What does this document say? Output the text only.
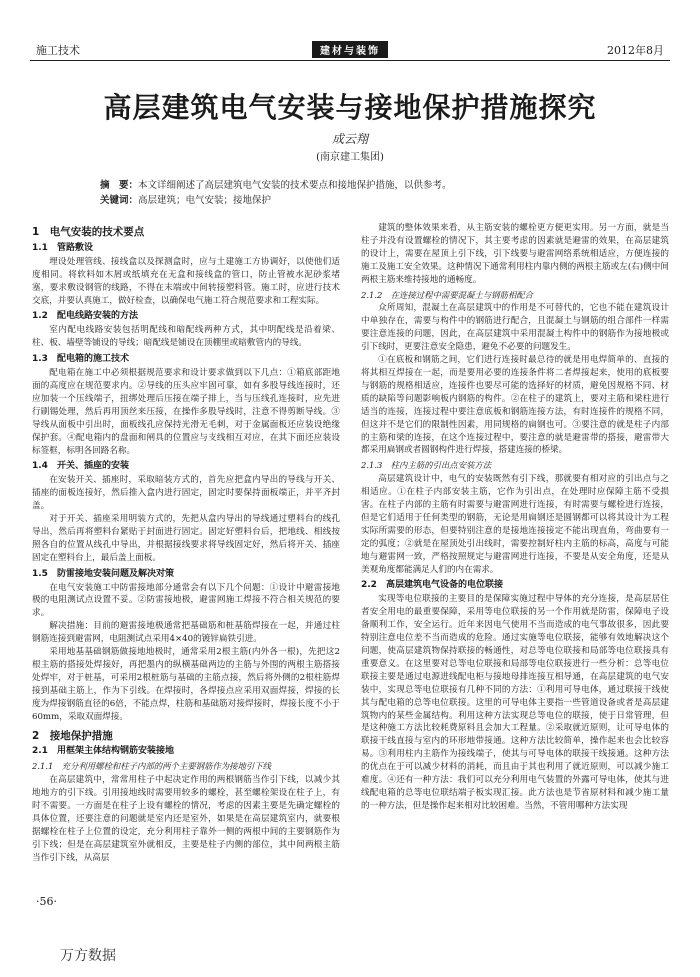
施工技术	建材与装饰	2012年8月
高层建筑电气安装与接地保护措施探究
成云翔
(南京建工集团)
摘　要：本文详细阐述了高层建筑电气安装的技术要点和接地保护措施，以供参考。
关键词：高层建筑；电气安装；接地保护
1　电气安装的技术要点
1.1　管路敷设

埋设处理管线、接线盒以及探测盒时，应与土建施工方协调好，以使他们适度相同。将软料如木屑或纸填充在无盒和接线盒的管口，防止管被水泥砂浆堵塞，要求敷设钢管的线路，不得在末端或中间转接塑料管。施工时，应进行技术交底，并要认真施工，做好检查，以确保电气施工符合规范要求和工程实际。

1.2　配电线路安装的方法

室内配电线路安装包括明配线和暗配线两种方式，其中明配线是沿着梁、柱、板、墙壁等铺设的导线；暗配线是铺设在顶棚里或暗敷管内的导线。

1.3　配电箱的施工技术

配电箱在施工中必须根据规范要求和设计要求做到以下几点：①箱底部距地面的高度应在规范要求内。②导线的压头应牢固可靠，如有多股导线连接时，还应加装一个压线端子，扭绑处理后压接在端子排上，当与压线孔连接时，应先进行刷锡处理，然后再用顶丝来压接，在操作多股导线时，注意不得剪断导线。③导线从面板中引出时，面板线孔应保持光滑无毛刺，对于金属面板还应装设绝缘保护套。④配电箱内的盘面和闸具的位置应与支线相互对应，在其下面还应装设标签框，标明各回路名称。

1.4　开关、插座的安装

在安装开关、插座时，采取暗装方式的，首先应把盒内导出的导线与开关、插座的面板连接好，然后推入盒内进行固定，固定时要保持面板端正，并平齐封盖。

对于开关、插座采用明装方式的，先把从盒内导出的导线通过塑料台的线孔导出，然后再将塑料台紧贴于封面进行固定。固定好塑料台后，把地线、相线按照各自的位置从线孔中导出，并根据接线要求将导线固定好，然后将开关、插座固定在塑料台上，最后盖上面板。

1.5　防雷接地安装问题及解决对策

在电气安装施工中防雷接地部分通常会有以下几个问题：①设计中避雷接地极的电阻测试点设置不妥。②防雷接地极，避雷网施工焊接不符合相关规范的要求。

解决措施：目前的避雷接地极通常把基础筋和桩基筋焊接在一起，并通过柱钢筋连接到避雷网，电阻测试点采用4×40的镀锌扁铁引进。

采用地基基础钢筋做接地地极时，通常采用2根主筋(内外各一根)，先把这2根主筋的搭接处焊接好，再把墨内的纵横基础两边的主筋与外围的两根主筋搭接处焊牢，对于桩基，可采用2根桩筋与基础的主筋点接，然后将外侧的2根柱筋焊接到基础主筋上，作为下引线。在焊接时，各焊接点应采用双面焊接，焊接的长度为焊接钢筋直径的6倍，不能点焊，柱筋和基础筋对接焊接时，焊接长度不小于60mm，采取双面焊接。

2　接地保护措施
2.1　用框架主体结构钢筋安装接地
2.1.1　充分利用螺栓和柱子内部的两个主要钢筋作为接地引下线

在高层建筑中，常常用柱子中起决定作用的两根钢筋当作引下线，以减少其地地方的引下线。引用接地线时需要用较多的螺栓，甚至螺栓架设在柱子上，有时不需要。一方面是在柱子上设有螺栓的情况，考虑的因素主要是先确定螺栓的具体位置，还要注意的问题就是室内还是室外，如果是在高层建筑室内，就要根据螺栓在柱子上位置的设定，充分利用柱子靠外一侧的两根中间的主要钢筋作为引下线；但是在高层建筑室外就相反，主要是柱子内侧的部位，其中间两根主筋当作引下线，从高层

建筑的整体效果来看，从主筋安装的螺栓更方便更实用。另一方面，就是当柱子并没有设置螺栓的情况下，其主要考虑的因素就是避雷的效果，在高层建筑的设计上，需要在屋顶上引下线，引下线要与避雷网络系统相适应，方便连接的施工及施工安全效果。这种情况下通常利用柱内靠内侧的两根主筋或左(右)侧中间两根主筋来维持接地的通畅度。

2.1.2　在连接过程中需要混凝土与钢筋相配合

众所周知，混凝土在高层建筑中的作用是不可替代的，它也不能在建筑设计中单独存在，需要与构件中的钢筋进行配合，且混凝土与钢筋的组合部件一样需要注意连接的问题，因此，在高层建筑中采用混凝土构件中的钢筋作为接地极或引下线时，更要注意安全隐患，避免不必要的问题发生。

①在底板和钢筋之间，它们进行连接时最总待的就是用电焊简单的、直接的将其相互焊接在一起，而是要用必要的连接条件将二者焊接起来，使用的底板要与钢筋的规格相适应，连接件也要尽可能的选择好的材质，避免因规格不同、材质的缺陷等问题影响板内钢筋的构件。②在柱子的建筑上，要对主筋和梁柱进行适当的连接，连接过程中要注意底板和钢筋连接方法，有时连接件的规格不同，但这并不是它们的限制性因素，用同规格的扁钢也可。③要注意的就是柱子内部的主筋和梁的连接，在这个连接过程中，要注意的就是避雷带的搭接，避雷带大都采用扁钢或者圆钢构件进行焊接，搭建连接的桥梁。

2.1.3　柱内主筋的引出点安装方法

高层建筑设计中，电气的安装既然有引下线，那就要有相对应的引出点与之相适应。①在柱子内部安装主筋，它作为引出点，在处理时应保障主筋不受损害。在柱子内部的主筋有时需要与避雷网进行连接，有时需要与螺栓进行连接，但是它们适用于任何类型的钢筋，无论是用扁钢还是圆钢都可以将其设计为工程实际所需要的形态，但要特别注意的是接地连接接定不能出现直角，弯曲要有一定的弧度；②就是在屋顶处引出线时，需要控制好柱内主筋的标高，高度与可能地与避雷网一致，严格按照规定与避雷网进行连接，不要是从安全角度，还是从美观角度都能满足人们的内在需求。

2.2　高层建筑电气设备的电位联接

实现等电位联接的主要目的是保障实施过程中导体的充分连接，是高层居住者安全用电的最重要保障，采用等电位联接的另一个作用就是防雷，保障电子设备顺利工作，安全运行。近年来因电气使用不当而造成的电气事故很多，因此要特别注意电位差不当而造成的危险。通过实施等电位联接，能够有效地解决这个问题，使高层建筑物保持联接的畅通性，对总等电位联接和局部等电位联接具有重要意义。在这里要对总等电位联接和局部等电位联接进行一些分析：总等电位联接主要是通过电源进线配电柜与接地母排连接互相导通，在高层建筑的电气安装中，实现总等电位联接有几种不同的方法：①利用可导电体，通过联接干线使其与配电箱的总等电位联接。这里的可导电体主要指一些管道设备或者是高层建筑物内的某些金属结构。利用这种方法实现总等电位的联接，使于日常管理，但是这种施工方法比较耗费原料且会加大工程量。②采取就近原则，让可导电体的联接干线直接与室内的环形地带接通。这种方法比较简单，操作起来也会比较容易。③利用柱内主筋作为接线端子，使其与可导电体的联接干线接通。这种方法的优点在于可以减少材料的消耗，而且由于其也利用了就近原则，可以减少施工难度。④还有一种方法：我们可以充分利用电气装置的外露可导电体，使其与进线配电箱的总等电位联结端子板实现汇接。此方法也是节省原材料和减少施工量的一种方法，但是操作起来相对比较困难。当然，不管用哪种方法实现

·56·
万方数据
